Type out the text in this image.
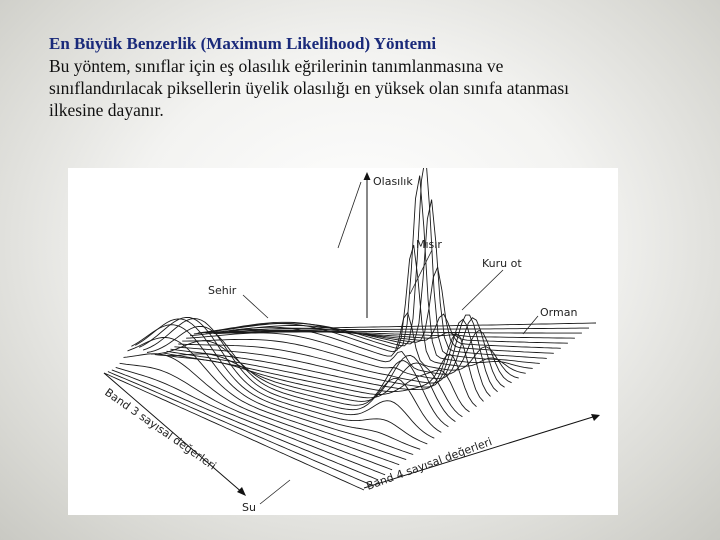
En Büyük Benzerlik (Maximum Likelihood) Yöntemi
Bu yöntem, sınıflar için eş olasılık eğrilerinin tanımlanmasına ve
sınıflandırılacak piksellerin üyelik olasılığı en yüksek olan sınıfa atanması
ilkesine dayanır.
Olasılık
Sehir
Mısır
Kuru ot
Orman
Su
Band 3 sayısal değerleri	Band 4 sayısal değerleri
